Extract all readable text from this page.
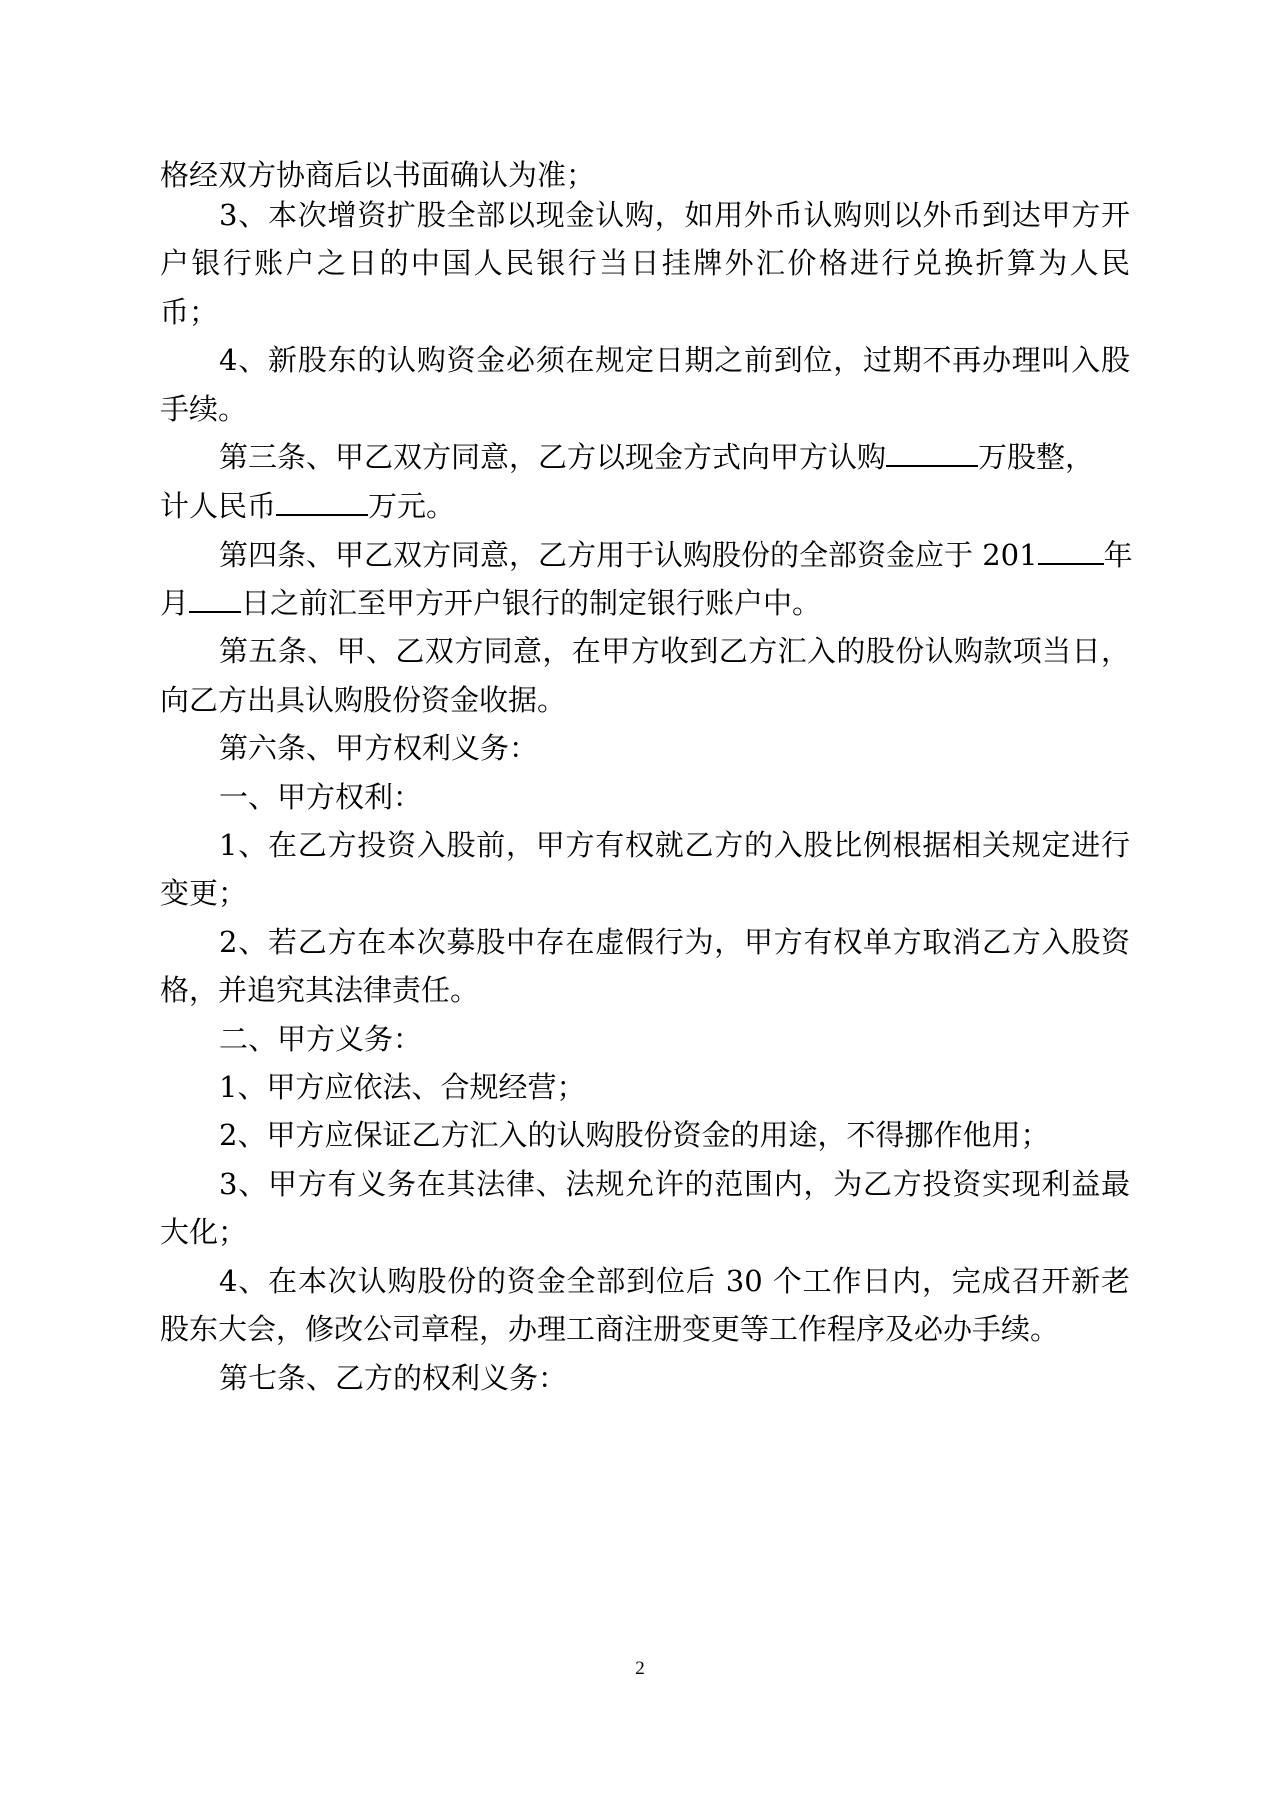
格经双方协商后以书面确认为准；
3、本次增资扩股全部以现金认购，如用外币认购则以外币到达甲方开
户银行账户之日的中国人民银行当日挂牌外汇价格进行兑换折算为人民
币；
4、新股东的认购资金必须在规定日期之前到位，过期不再办理叫入股
手续。
第三条、甲乙双方同意，乙方以现金方式向甲方认购	万股整，
计人民币	万元。
第四条、甲乙双方同意，乙方用于认购股份的全部资金应于 201 年
月 日之前汇至甲方开户银行的制定银行账户中。
第五条、甲、乙双方同意，在甲方收到乙方汇入的股份认购款项当日，
向乙方出具认购股份资金收据。
第六条、甲方权利义务：
一、甲方权利：
1、在乙方投资入股前，甲方有权就乙方的入股比例根据相关规定进行
变更；
2、若乙方在本次募股中存在虚假行为，甲方有权单方取消乙方入股资
格，并追究其法律责任。
二、甲方义务：
1、甲方应依法、合规经营；
2、甲方应保证乙方汇入的认购股份资金的用途，不得挪作他用；
3、甲方有义务在其法律、法规允许的范围内，为乙方投资实现利益最
大化；
4、在本次认购股份的资金全部到位后 30 个工作日内，完成召开新老
股东大会，修改公司章程，办理工商注册变更等工作程序及必办手续。
第七条、乙方的权利义务：
2
